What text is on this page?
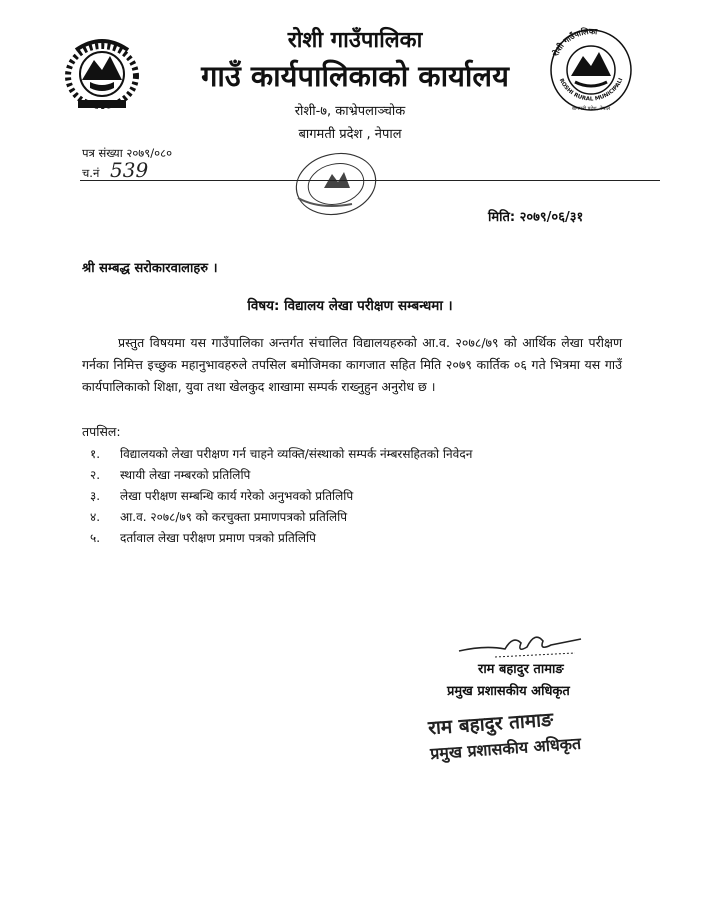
रोशी गाउँपालिका
गाउँ कार्यपालिकाको कार्यालय
रोशी-७, काभ्रेपलाञ्चोक
बागमती प्रदेश , नेपाल
रोशी गाउँपालिका
ROSHI RURAL MUNICIPALI
बागमती प्रदेश, नेपाल
पत्र संख्या २०७९/०८०
च.नं 539
मिति: २०७९/०६/३१
श्री सम्बद्ध सरोकारवालाहरु ।
विषय: विद्यालय लेखा परीक्षण सम्बन्धमा ।
प्रस्तुत विषयमा यस गाउँपालिका अन्तर्गत संचालित विद्यालयहरुको आ.व. २०७८/७९ को आर्थिक लेखा परीक्षण गर्नका निमित्त इच्छुक महानुभावहरुले तपसिल बमोजिमका कागजात सहित मिति २०७९ कार्तिक ०६ गते भित्रमा यस गाउँ कार्यपालिकाको शिक्षा, युवा तथा खेलकुद शाखामा सम्पर्क राख्नुहुन अनुरोध छ ।
तपसिल:
१. विद्यालयको लेखा परीक्षण गर्न चाहने व्यक्ति/संस्थाको सम्पर्क नंम्बरसहितको निवेदन
२. स्थायी लेखा नम्बरको प्रतिलिपि
३. लेखा परीक्षण सम्बन्धि कार्य गरेको अनुभवको प्रतिलिपि
४. आ.व. २०७८/७९ को करचुक्ता प्रमाणपत्रको प्रतिलिपि
५. दर्तावाल लेखा परीक्षण प्रमाण पत्रको प्रतिलिपि
राम बहादुर तामाङ
प्रमुख प्रशासकीय अधिकृत
राम बहादुर तामाङ
प्रमुख प्रशासकीय अधिकृत
